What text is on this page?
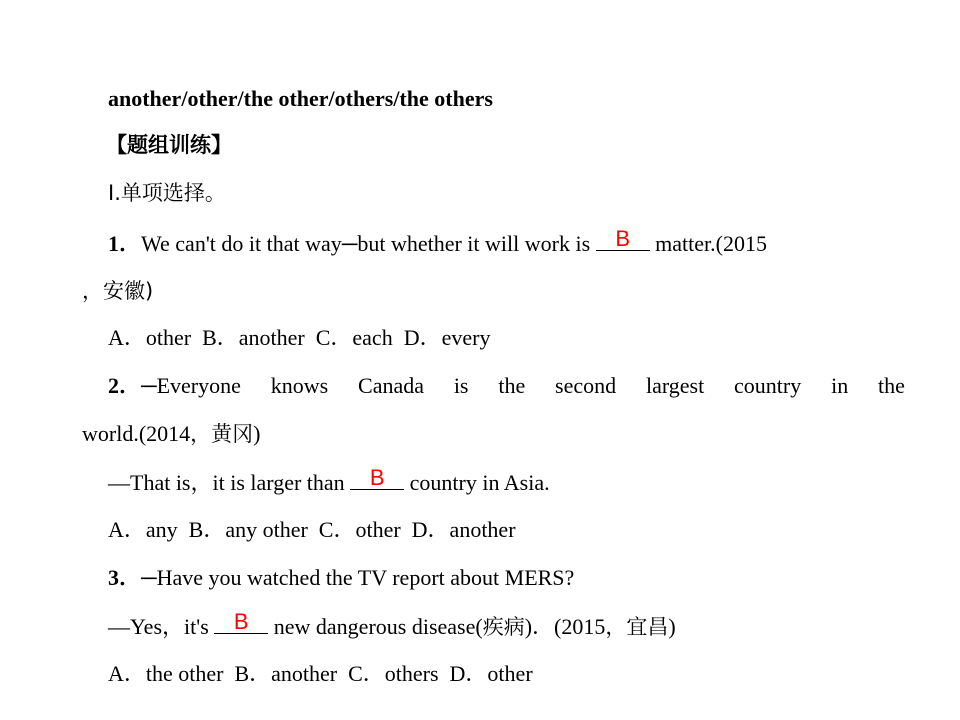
another/other/the other/others/the others
【题组训练】
Ⅰ.单项选择。
1．We can't do it that way─but whether it will work is B matter.(2015
，安徽)
A．other  B．another  C．each  D．every
2．─Everyone knows Canada is the second largest country in the
world.(2014，黄冈)
—That is，it is larger than B country in Asia.
A．any  B．any other  C．other  D．another
3．─Have you watched the TV report about MERS?
—Yes，it's B new dangerous disease(疾病)．(2015，宜昌)
A．the other  B．another  C．others  D．other
